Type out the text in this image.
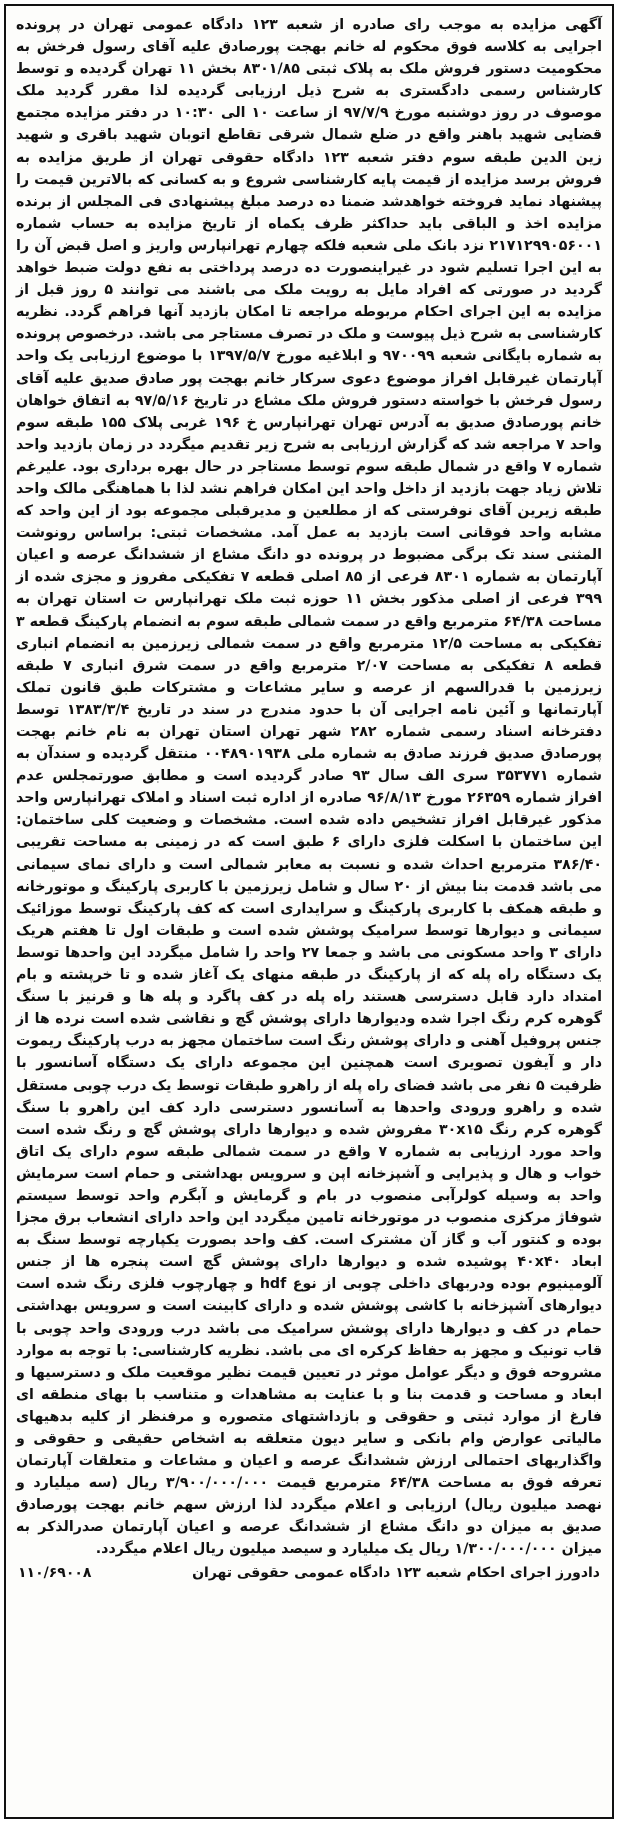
آگهی مزایده به موجب رای صادره از شعبه ۱۲۳ دادگاه عمومی تهران در پرونده اجرایی به کلاسه فوق محکوم له خانم بهجت پورصادق علیه آقای رسول فرخش به محکومیت دستور فروش ملک به پلاک ثبتی ۸۳۰۱/۸۵ بخش ۱۱ تهران گردیده و توسط کارشناس رسمی دادگستری به شرح ذیل ارزیابی گردیده لذا مقرر گردید ملک موصوف در روز دوشنبه مورخ ۹۷/۷/۹ از ساعت ۱۰ الی ۱۰:۳۰ در دفتر مزایده مجتمع قضایی شهید باهنر واقع در ضلع شمال شرقی تقاطع اتوبان شهید باقری و شهید زین الدین طبقه سوم دفتر شعبه ۱۲۳ دادگاه حقوقی تهران از طریق مزایده به فروش برسد مزایده از قیمت پایه کارشناسی شروع و به کسانی که بالاترین قیمت را پیشنهاد نماید فروخته خواهدشد ضمنا ده درصد مبلغ پیشنهادی فی المجلس از برنده مزایده اخذ و الباقی باید حداکثر ظرف یکماه از تاریخ مزایده به حساب شماره ۲۱۷۱۲۹۹۰۵۶۰۰۱ نزد بانک ملی شعبه فلکه چهارم تهرانپارس واریز و اصل قبض آن را به این اجرا تسلیم شود در غیراینصورت ده درصد پرداختی به نفع دولت ضبط خواهد گردید در صورتی که افراد مایل به رویت ملک می باشند می توانند ۵ روز قبل از مزایده به این اجرای احکام مربوطه مراجعه تا امکان بازدید آنها فراهم گردد. نظریه کارشناسی به شرح ذیل پیوست و ملک در تصرف مستاجر می باشد. درخصوص پرونده به شماره بایگانی شعبه ۹۷۰۰۹۹ و ابلاغیه مورخ ۱۳۹۷/۵/۷ با موضوع ارزیابی یک واحد آپارتمان غیرقابل افراز موضوع دعوی سرکار خانم بهجت پور صادق صدیق علیه آقای رسول فرخش با خواسته دستور فروش ملک مشاع در تاریخ ۹۷/۵/۱۶ به اتفاق خواهان خانم پورصادق صدیق به آدرس تهران تهرانپارس خ ۱۹۶ غربی پلاک ۱۵۵ طبقه سوم واحد ۷ مراجعه شد که گزارش ارزیابی به شرح زیر تقدیم میگردد در زمان بازدید واحد شماره ۷ واقع در شمال طبقه سوم توسط مستاجر در حال بهره برداری بود. علیرغم تلاش زیاد جهت بازدید از داخل واحد این امکان فراهم نشد لذا با هماهنگی مالک واحد طبقه زیرین آقای نوفرستی که از مطلعین و مدیرقبلی مجموعه بود از این واحد که مشابه واحد فوقانی است بازدید به عمل آمد. مشخصات ثبتی: براساس رونوشت المثنی سند تک برگی مضبوط در پرونده دو دانگ مشاع از ششدانگ عرصه و اعیان آپارتمان به شماره ۸۳۰۱ فرعی از ۸۵ اصلی قطعه ۷ تفکیکی مفروز و مجزی شده از ۳۹۹ فرعی از اصلی مذکور بخش ۱۱ حوزه ثبت ملک تهرانپارس ت استان تهران به مساحت ۶۴/۳۸ مترمربع واقع در سمت شمالی طبقه سوم به انضمام پارکینگ قطعه ۳ تفکیکی به مساحت ۱۲/۵ مترمربع واقع در سمت شمالی زیرزمین به انضمام انباری قطعه ۸ تفکیکی به مساحت ۲/۰۷ مترمربع واقع در سمت شرق انباری ۷ طبقه زیرزمین با قدرالسهم از عرصه و سایر مشاعات و مشترکات طبق قانون تملک آپارتمانها و آئین نامه اجرایی آن با حدود مندرج در سند در تاریخ ۱۳۸۳/۳/۴ توسط دفترخانه اسناد رسمی شماره ۲۸۲ شهر تهران استان تهران به نام خانم بهجت پورصادق صدیق فرزند صادق به شماره ملی ۰۰۴۸۹۰۱۹۳۸ منتقل گردیده و سندآن به شماره ۳۵۳۷۷۱ سری الف سال ۹۳ صادر گردیده است و مطابق صورتمجلس عدم افراز شماره ۲۶۳۵۹ مورخ ۹۶/۸/۱۳ صادره از اداره ثبت اسناد و املاک تهرانپارس واحد مذکور غیرقابل افراز تشخیص داده شده است. مشخصات و وضعیت کلی ساختمان: این ساختمان با اسکلت فلزی دارای ۶ طبق است که در زمینی به مساحت تقریبی ۳۸۶/۴۰ مترمربع احداث شده و نسبت به معابر شمالی است و دارای نمای سیمانی می باشد قدمت بنا بیش از ۲۰ سال و شامل زیرزمین با کاربری پارکینگ و موتورخانه و طبقه همکف با کاربری پارکینگ و سرایداری است که کف پارکینگ توسط موزائیک سیمانی و دیوارها توسط سرامیک پوشش شده است و طبقات اول تا هفتم هریک دارای ۳ واحد مسکونی می باشد و جمعا ۲۷ واحد را شامل میگردد این واحدها توسط یک دستگاه راه پله که از پارکینگ در طبقه منهای یک آغاز شده و تا خرپشته و بام امتداد دارد قابل دسترسی هستند راه پله در کف پاگرد و پله ها و قرنیز با سنگ گوهره کرم رنگ اجرا شده ودیوارها دارای پوشش گچ و نقاشی شده است نرده ها از جنس پروفیل آهنی و دارای پوشش رنگ است ساختمان مجهز به درب پارکینگ ریموت دار و آیفون تصویری است همچنین این مجموعه دارای یک دستگاه آسانسور با ظرفیت ۵ نفر می باشد فضای راه پله از راهرو طبقات توسط یک درب چوبی مستقل شده و راهرو ورودی واحدها به آسانسور دسترسی دارد کف این راهرو با سنگ گوهره کرم رنگ ۳۰x۱۵ مفروش شده و دیوارها دارای پوشش گچ و رنگ شده است واحد مورد ارزیابی به شماره ۷ واقع در سمت شمالی طبقه سوم دارای یک اتاق خواب و هال و پذیرایی و آشپزخانه اپن و سرویس بهداشتی و حمام است سرمایش واحد به وسیله کولرآبی منصوب در بام و گرمایش و آبگرم واحد توسط سیستم شوفاژ مرکزی منصوب در موتورخانه تامین میگردد این واحد دارای انشعاب برق مجزا بوده و کنتور آب و گاز آن مشترک است. کف واحد بصورت یکپارچه توسط سنگ به ابعاد ۴۰x۴۰ پوشیده شده و دیوارها دارای پوشش گچ است پنجره ها از جنس آلومینیوم بوده ودربهای داخلی چوبی از نوع hdf و چهارچوب فلزی رنگ شده است دیوارهای آشپزخانه با کاشی پوشش شده و دارای کابینت است و سرویس بهداشتی حمام در کف و دیوارها دارای پوشش سرامیک می باشد درب ورودی واحد چوبی با قاب تونیک و مجهز به حفاظ کرکره ای می باشد. نظریه کارشناسی: با توجه به موارد مشروحه فوق و دیگر عوامل موثر در تعیین قیمت نظیر موقعیت ملک و دسترسیها و ابعاد و مساحت و قدمت بنا و با عنایت به مشاهدات و متناسب با بهای منطقه ای فارغ از موارد ثبتی و حقوقی و بازداشتهای متصوره و مرفنظر از کلیه بدهیهای مالیاتی عوارض وام بانکی و سایر دیون متعلقه به اشخاص حقیقی و حقوقی و واگذاریهای احتمالی ارزش ششدانگ عرصه و اعیان و مشاعات و متعلقات آپارتمان تعرفه فوق به مساحت ۶۴/۳۸ مترمربع قیمت ۳/۹۰۰/۰۰۰/۰۰۰ ریال (سه میلیارد و نهصد میلیون ریال) ارزیابی و اعلام میگردد لذا ارزش سهم خانم بهجت پورصادق صدیق به میزان دو دانگ مشاع از ششدانگ عرصه و اعیان آپارتمان صدرالذکر به میزان ۱/۳۰۰/۰۰۰/۰۰۰ ریال یک میلیارد و سیصد میلیون ریال اعلام میگردد.

دادورز اجرای احکام شعبه ۱۲۳ دادگاه عمومی حقوقی تهران
۱۱۰/۶۹۰۰۸
